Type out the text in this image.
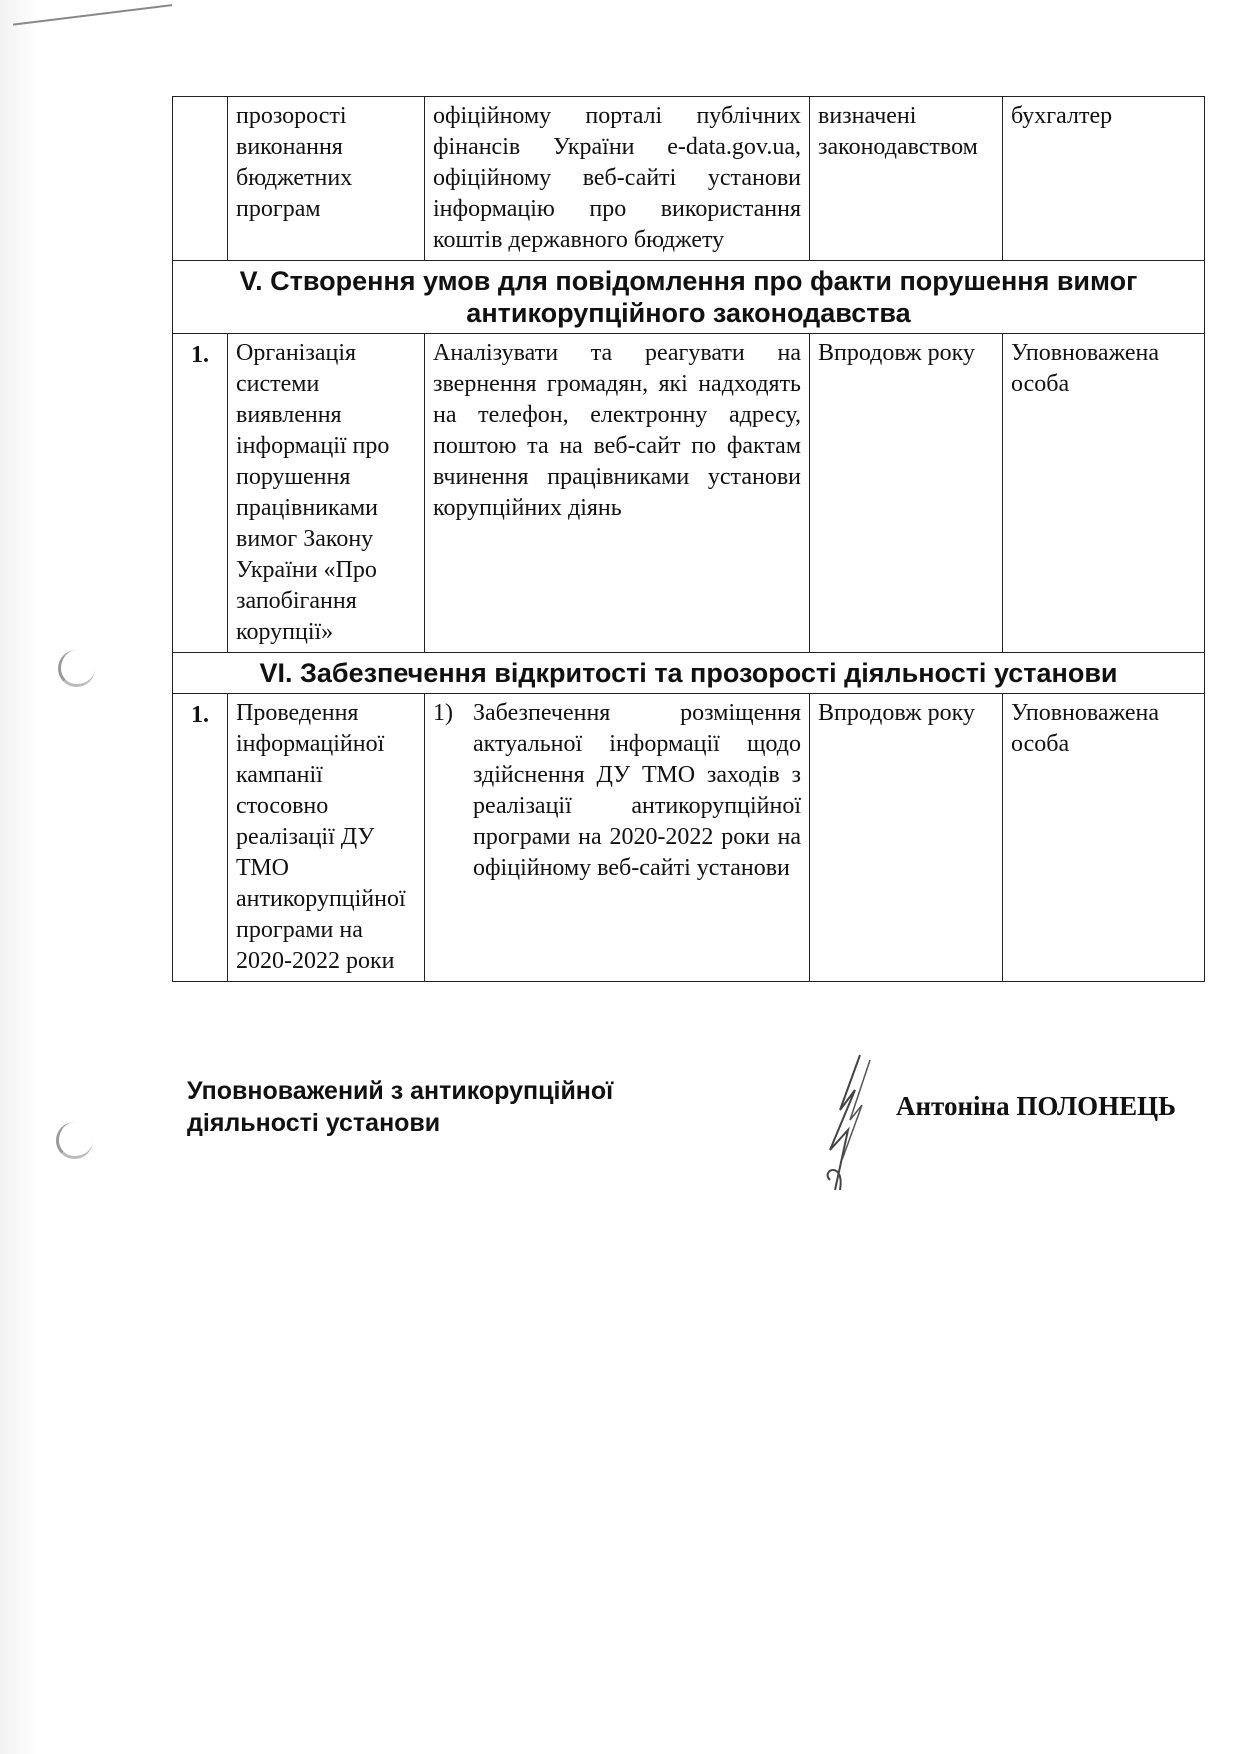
	прозорості виконання бюджетних програм	офіційному порталі публічних фінансів України e-data.gov.ua, офіційному веб-сайті установи інформацію про використання коштів державного бюджету	визначені законодавством	бухгалтер
V. Створення умов для повідомлення про факти порушення вимог антикорупційного законодавства				
1.	Організація системи виявлення інформації про порушення працівниками вимог Закону України «Про запобігання корупції»	Аналізувати та реагувати на звернення громадян, які надходять на телефон, електронну адресу, поштою та на веб-сайт по фактам вчинення працівниками установи корупційних діянь	Впродовж року	Уповноважена особа
VI. Забезпечення відкритості та прозорості діяльності установи				
1.	Проведення інформаційної кампанії стосовно реалізації ДУ ТМО антикорупційної програми на 2020-2022 роки	1) Забезпечення розміщення актуальної інформації щодо здійснення ДУ ТМО заходів з реалізації антикорупційної програми на 2020-2022 роки на офіційному веб-сайті установи	Впродовж року	Уповноважена особа
Уповноважений з антикорупційної діяльності установи
Антоніна ПОЛОНЕЦЬ
